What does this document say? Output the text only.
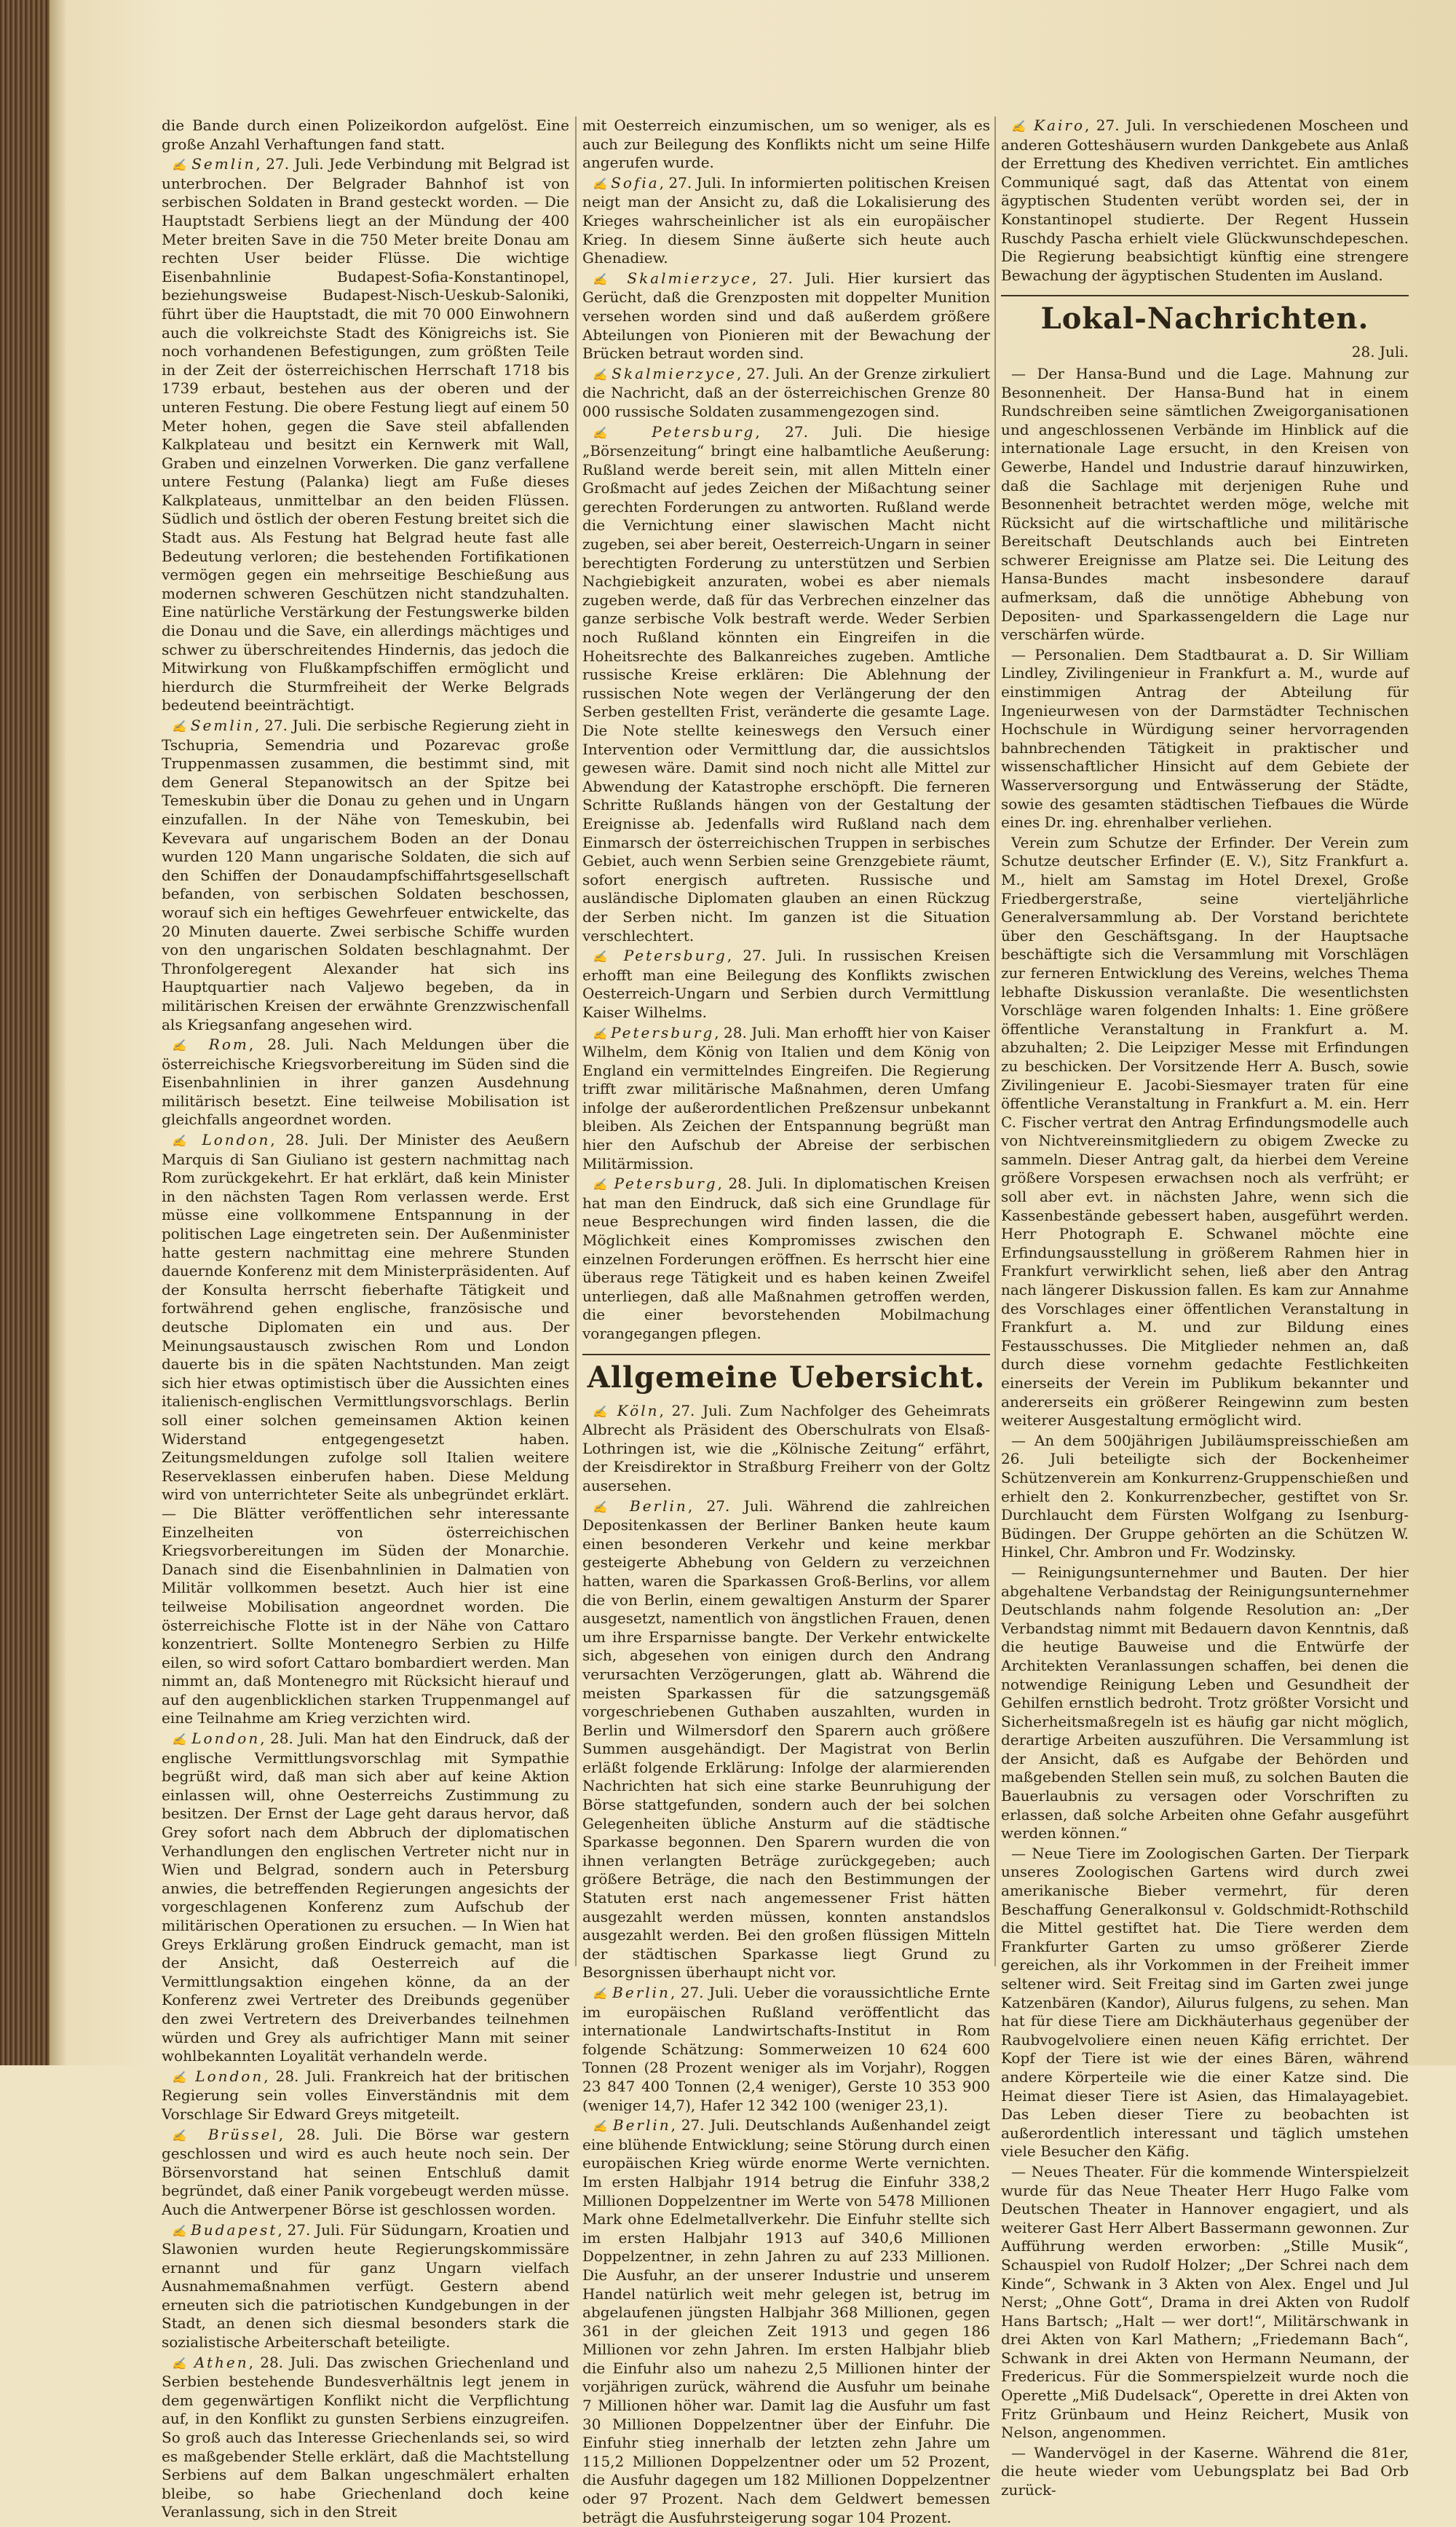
die Bande durch einen Polizeikordon aufgelöst. Eine große Anzahl Verhaftungen fand statt.

✍ Semlin, 27. Juli. Jede Verbindung mit Belgrad ist unterbrochen. Der Belgrader Bahnhof ist von serbischen Soldaten in Brand gesteckt worden. — Die Hauptstadt Serbiens liegt an der Mündung der 400 Meter breiten Save in die 750 Meter breite Donau am rechten User beider Flüsse. Die wichtige Eisenbahnlinie Budapest-Sofia-Konstantinopel, beziehungsweise Budapest-Nisch-Ueskub-Saloniki, führt über die Hauptstadt, die mit 70 000 Einwohnern auch die volkreichste Stadt des Königreichs ist. Sie noch vorhandenen Befestigungen, zum größten Teile in der Zeit der österreichischen Herrschaft 1718 bis 1739 erbaut, bestehen aus der oberen und der unteren Festung. Die obere Festung liegt auf einem 50 Meter hohen, gegen die Save steil abfallenden Kalkplateau und besitzt ein Kernwerk mit Wall, Graben und einzelnen Vorwerken. Die ganz verfallene untere Festung (Palanka) liegt am Fuße dieses Kalkplateaus, unmittelbar an den beiden Flüssen. Südlich und östlich der oberen Festung breitet sich die Stadt aus. Als Festung hat Belgrad heute fast alle Bedeutung verloren; die bestehenden Fortifikationen vermögen gegen ein mehrseitige Beschießung aus modernen schweren Geschützen nicht standzuhalten. Eine natürliche Verstärkung der Festungswerke bilden die Donau und die Save, ein allerdings mächtiges und schwer zu überschreitendes Hindernis, das jedoch die Mitwirkung von Flußkampfschiffen ermöglicht und hierdurch die Sturmfreiheit der Werke Belgrads bedeutend beeinträchtigt.

✍ Semlin, 27. Juli. Die serbische Regierung zieht in Tschupria, Semendria und Pozarevac große Truppenmassen zusammen, die bestimmt sind, mit dem General Stepanowitsch an der Spitze bei Temeskubin über die Donau zu gehen und in Ungarn einzufallen. In der Nähe von Temeskubin, bei Kevevara auf ungarischem Boden an der Donau wurden 120 Mann ungarische Soldaten, die sich auf den Schiffen der Donaudampfschiffahrtsgesellschaft befanden, von serbischen Soldaten beschossen, worauf sich ein heftiges Gewehrfeuer entwickelte, das 20 Minuten dauerte. Zwei serbische Schiffe wurden von den ungarischen Soldaten beschlagnahmt. Der Thronfolgeregent Alexander hat sich ins Hauptquartier nach Valjewo begeben, da in militärischen Kreisen der erwähnte Grenzzwischenfall als Kriegsanfang angesehen wird.

✍ Rom, 28. Juli. Nach Meldungen über die österreichische Kriegsvorbereitung im Süden sind die Eisenbahnlinien in ihrer ganzen Ausdehnung militärisch besetzt. Eine teilweise Mobilisation ist gleichfalls angeordnet worden.

✍ London, 28. Juli. Der Minister des Aeußern Marquis di San Giuliano ist gestern nachmittag nach Rom zurückgekehrt. Er hat erklärt, daß kein Minister in den nächsten Tagen Rom verlassen werde. Erst müsse eine vollkommene Entspannung in der politischen Lage eingetreten sein. Der Außenminister hatte gestern nachmittag eine mehrere Stunden dauernde Konferenz mit dem Ministerpräsidenten. Auf der Konsulta herrscht fieberhafte Tätigkeit und fortwährend gehen englische, französische und deutsche Diplomaten ein und aus. Der Meinungsaustausch zwischen Rom und London dauerte bis in die späten Nachtstunden. Man zeigt sich hier etwas optimistisch über die Aussichten eines italienisch-englischen Vermittlungsvorschlags. Berlin soll einer solchen gemeinsamen Aktion keinen Widerstand entgegengesetzt haben. Zeitungsmeldungen zufolge soll Italien weitere Reserveklassen einberufen haben. Diese Meldung wird von unterrichteter Seite als unbegründet erklärt. — Die Blätter veröffentlichen sehr interessante Einzelheiten von österreichischen Kriegsvorbereitungen im Süden der Monarchie. Danach sind die Eisenbahnlinien in Dalmatien von Militär vollkommen besetzt. Auch hier ist eine teilweise Mobilisation angeordnet worden. Die österreichische Flotte ist in der Nähe von Cattaro konzentriert. Sollte Montenegro Serbien zu Hilfe eilen, so wird sofort Cattaro bombardiert werden. Man nimmt an, daß Montenegro mit Rücksicht hierauf und auf den augenblicklichen starken Truppenmangel auf eine Teilnahme am Krieg verzichten wird.

✍ London, 28. Juli. Man hat den Eindruck, daß der englische Vermittlungsvorschlag mit Sympathie begrüßt wird, daß man sich aber auf keine Aktion einlassen will, ohne Oesterreichs Zustimmung zu besitzen. Der Ernst der Lage geht daraus hervor, daß Grey sofort nach dem Abbruch der diplomatischen Verhandlungen den englischen Vertreter nicht nur in Wien und Belgrad, sondern auch in Petersburg anwies, die betreffenden Regierungen angesichts der vorgeschlagenen Konferenz zum Aufschub der militärischen Operationen zu ersuchen. — In Wien hat Greys Erklärung großen Eindruck gemacht, man ist der Ansicht, daß Oesterreich auf die Vermittlungsaktion eingehen könne, da an der Konferenz zwei Vertreter des Dreibunds gegenüber den zwei Vertretern des Dreiverbandes teilnehmen würden und Grey als aufrichtiger Mann mit seiner wohlbekannten Loyalität verhandeln werde.

✍ London, 28. Juli. Frankreich hat der britischen Regierung sein volles Einverständnis mit dem Vorschlage Sir Edward Greys mitgeteilt.

✍ Brüssel, 28. Juli. Die Börse war gestern geschlossen und wird es auch heute noch sein. Der Börsenvorstand hat seinen Entschluß damit begründet, daß einer Panik vorgebeugt werden müsse. Auch die Antwerpener Börse ist geschlossen worden.

✍ Budapest, 27. Juli. Für Südungarn, Kroatien und Slawonien wurden heute Regierungskommissäre ernannt und für ganz Ungarn vielfach Ausnahmemaßnahmen verfügt. Gestern abend erneuten sich die patriotischen Kundgebungen in der Stadt, an denen sich diesmal besonders stark die sozialistische Arbeiterschaft beteiligte.

✍ Athen, 28. Juli. Das zwischen Griechenland und Serbien bestehende Bundesverhältnis legt jenem in dem gegenwärtigen Konflikt nicht die Verpflichtung auf, in den Konflikt zu gunsten Serbiens einzugreifen. So groß auch das Interesse Griechenlands sei, so wird es maßgebender Stelle erklärt, daß die Machtstellung Serbiens auf dem Balkan ungeschmälert erhalten bleibe, so habe Griechenland doch keine Veranlassung, sich in den Streit

mit Oesterreich einzumischen, um so weniger, als es auch zur Beilegung des Konflikts nicht um seine Hilfe angerufen wurde.

✍ Sofia, 27. Juli. In informierten politischen Kreisen neigt man der Ansicht zu, daß die Lokalisierung des Krieges wahrscheinlicher ist als ein europäischer Krieg. In diesem Sinne äußerte sich heute auch Ghenadiew.

✍ Skalmierzyce, 27. Juli. Hier kursiert das Gerücht, daß die Grenzposten mit doppelter Munition versehen worden sind und daß außerdem größere Abteilungen von Pionieren mit der Bewachung der Brücken betraut worden sind.

✍ Skalmierzyce, 27. Juli. An der Grenze zirkuliert die Nachricht, daß an der österreichischen Grenze 80 000 russische Soldaten zusammengezogen sind.

✍ Petersburg, 27. Juli. Die hiesige „Börsenzeitung“ bringt eine halbamtliche Aeußerung: Rußland werde bereit sein, mit allen Mitteln einer Großmacht auf jedes Zeichen der Mißachtung seiner gerechten Forderungen zu antworten. Rußland werde die Vernichtung einer slawischen Macht nicht zugeben, sei aber bereit, Oesterreich-Ungarn in seiner berechtigten Forderung zu unterstützen und Serbien Nachgiebigkeit anzuraten, wobei es aber niemals zugeben werde, daß für das Verbrechen einzelner das ganze serbische Volk bestraft werde. Weder Serbien noch Rußland könnten ein Eingreifen in die Hoheitsrechte des Balkanreiches zugeben. Amtliche russische Kreise erklären: Die Ablehnung der russischen Note wegen der Verlängerung der den Serben gestellten Frist, veränderte die gesamte Lage. Die Note stellte keineswegs den Versuch einer Intervention oder Vermittlung dar, die aussichtslos gewesen wäre. Damit sind noch nicht alle Mittel zur Abwendung der Katastrophe erschöpft. Die ferneren Schritte Rußlands hängen von der Gestaltung der Ereignisse ab. Jedenfalls wird Rußland nach dem Einmarsch der österreichischen Truppen in serbisches Gebiet, auch wenn Serbien seine Grenzgebiete räumt, sofort energisch auftreten. Russische und ausländische Diplomaten glauben an einen Rückzug der Serben nicht. Im ganzen ist die Situation verschlechtert.

✍ Petersburg, 27. Juli. In russischen Kreisen erhofft man eine Beilegung des Konflikts zwischen Oesterreich-Ungarn und Serbien durch Vermittlung Kaiser Wilhelms.

✍ Petersburg, 28. Juli. Man erhofft hier von Kaiser Wilhelm, dem König von Italien und dem König von England ein vermittelndes Eingreifen. Die Regierung trifft zwar militärische Maßnahmen, deren Umfang infolge der außerordentlichen Preßzensur unbekannt bleiben. Als Zeichen der Entspannung begrüßt man hier den Aufschub der Abreise der serbischen Militärmission.

✍ Petersburg, 28. Juli. In diplomatischen Kreisen hat man den Eindruck, daß sich eine Grundlage für neue Besprechungen wird finden lassen, die die Möglichkeit eines Kompromisses zwischen den einzelnen Forderungen eröffnen. Es herrscht hier eine überaus rege Tätigkeit und es haben keinen Zweifel unterliegen, daß alle Maßnahmen getroffen werden, die einer bevorstehenden Mobilmachung vorangegangen pflegen.

Allgemeine Uebersicht.

✍ Köln, 27. Juli. Zum Nachfolger des Geheimrats Albrecht als Präsident des Oberschulrats von Elsaß-Lothringen ist, wie die „Kölnische Zeitung“ erfährt, der Kreisdirektor in Straßburg Freiherr von der Goltz ausersehen.

✍ Berlin, 27. Juli. Während die zahlreichen Depositenkassen der Berliner Banken heute kaum einen besonderen Verkehr und keine merkbar gesteigerte Abhebung von Geldern zu verzeichnen hatten, waren die Sparkassen Groß-Berlins, vor allem die von Berlin, einem gewaltigen Ansturm der Sparer ausgesetzt, namentlich von ängstlichen Frauen, denen um ihre Ersparnisse bangte. Der Verkehr entwickelte sich, abgesehen von einigen durch den Andrang verursachten Verzögerungen, glatt ab. Während die meisten Sparkassen für die satzungsgemäß vorgeschriebenen Guthaben auszahlten, wurden in Berlin und Wilmersdorf den Sparern auch größere Summen ausgehändigt. Der Magistrat von Berlin erläßt folgende Erklärung: Infolge der alarmierenden Nachrichten hat sich eine starke Beunruhigung der Börse stattgefunden, sondern auch der bei solchen Gelegenheiten übliche Ansturm auf die städtische Sparkasse begonnen. Den Sparern wurden die von ihnen verlangten Beträge zurückgegeben; auch größere Beträge, die nach den Bestimmungen der Statuten erst nach angemessener Frist hätten ausgezahlt werden müssen, konnten anstandslos ausgezahlt werden. Bei den großen flüssigen Mitteln der städtischen Sparkasse liegt Grund zu Besorgnissen überhaupt nicht vor.

✍ Berlin, 27. Juli. Ueber die voraussichtliche Ernte im europäischen Rußland veröffentlicht das internationale Landwirtschafts-Institut in Rom folgende Schätzung: Sommerweizen 10 624 600 Tonnen (28 Prozent weniger als im Vorjahr), Roggen 23 847 400 Tonnen (2,4 weniger), Gerste 10 353 900 (weniger 14,7), Hafer 12 342 100 (weniger 23,1).

✍ Berlin, 27. Juli. Deutschlands Außenhandel zeigt eine blühende Entwicklung; seine Störung durch einen europäischen Krieg würde enorme Werte vernichten. Im ersten Halbjahr 1914 betrug die Einfuhr 338,2 Millionen Doppelzentner im Werte von 5478 Millionen Mark ohne Edelmetallverkehr. Die Einfuhr stellte sich im ersten Halbjahr 1913 auf 340,6 Millionen Doppelzentner, in zehn Jahren zu auf 233 Millionen. Die Ausfuhr, an der unserer Industrie und unserem Handel natürlich weit mehr gelegen ist, betrug im abgelaufenen jüngsten Halbjahr 368 Millionen, gegen 361 in der gleichen Zeit 1913 und gegen 186 Millionen vor zehn Jahren. Im ersten Halbjahr blieb die Einfuhr also um nahezu 2,5 Millionen hinter der vorjährigen zurück, während die Ausfuhr um beinahe 7 Millionen höher war. Damit lag die Ausfuhr um fast 30 Millionen Doppelzentner über der Einfuhr. Die Einfuhr stieg innerhalb der letzten zehn Jahre um 115,2 Millionen Doppelzentner oder um 52 Prozent, die Ausfuhr dagegen um 182 Millionen Doppelzentner oder 97 Prozent. Nach dem Geldwert bemessen beträgt die Ausfuhrsteigerung sogar 104 Prozent.

✍ Kairo, 27. Juli. In verschiedenen Moscheen und anderen Gotteshäusern wurden Dankgebete aus Anlaß der Errettung des Khediven verrichtet. Ein amtliches Communiqué sagt, daß das Attentat von einem ägyptischen Studenten verübt worden sei, der in Konstantinopel studierte. Der Regent Hussein Ruschdy Pascha erhielt viele Glückwunschdepeschen. Die Regierung beabsichtigt künftig eine strengere Bewachung der ägyptischen Studenten im Ausland.

Lokal-Nachrichten.
28. Juli.

— Der Hansa-Bund und die Lage. Mahnung zur Besonnenheit. Der Hansa-Bund hat in einem Rundschreiben seine sämtlichen Zweigorganisationen und angeschlossenen Verbände im Hinblick auf die internationale Lage ersucht, in den Kreisen von Gewerbe, Handel und Industrie darauf hinzuwirken, daß die Sachlage mit derjenigen Ruhe und Besonnenheit betrachtet werden möge, welche mit Rücksicht auf die wirtschaftliche und militärische Bereitschaft Deutschlands auch bei Eintreten schwerer Ereignisse am Platze sei. Die Leitung des Hansa-Bundes macht insbesondere darauf aufmerksam, daß die unnötige Abhebung von Depositen- und Sparkassengeldern die Lage nur verschärfen würde.

— Personalien. Dem Stadtbaurat a. D. Sir William Lindley, Zivilingenieur in Frankfurt a. M., wurde auf einstimmigen Antrag der Abteilung für Ingenieurwesen von der Darmstädter Technischen Hochschule in Würdigung seiner hervorragenden bahnbrechenden Tätigkeit in praktischer und wissenschaftlicher Hinsicht auf dem Gebiete der Wasserversorgung und Entwässerung der Städte, sowie des gesamten städtischen Tiefbaues die Würde eines Dr. ing. ehrenhalber verliehen.

Verein zum Schutze der Erfinder. Der Verein zum Schutze deutscher Erfinder (E. V.), Sitz Frankfurt a. M., hielt am Samstag im Hotel Drexel, Große Friedbergerstraße, seine vierteljährliche Generalversammlung ab. Der Vorstand berichtete über den Geschäftsgang. In der Hauptsache beschäftigte sich die Versammlung mit Vorschlägen zur ferneren Entwicklung des Vereins, welches Thema lebhafte Diskussion veranlaßte. Die wesentlichsten Vorschläge waren folgenden Inhalts: 1. Eine größere öffentliche Veranstaltung in Frankfurt a. M. abzuhalten; 2. Die Leipziger Messe mit Erfindungen zu beschicken. Der Vorsitzende Herr A. Busch, sowie Zivilingenieur E. Jacobi-Siesmayer traten für eine öffentliche Veranstaltung in Frankfurt a. M. ein. Herr C. Fischer vertrat den Antrag Erfindungsmodelle auch von Nichtvereinsmitgliedern zu obigem Zwecke zu sammeln. Dieser Antrag galt, da hierbei dem Vereine größere Vorspesen erwachsen noch als verfrüht; er soll aber evt. in nächsten Jahre, wenn sich die Kassenbestände gebessert haben, ausgeführt werden. Herr Photograph E. Schwanel möchte eine Erfindungsausstellung in größerem Rahmen hier in Frankfurt verwirklicht sehen, ließ aber den Antrag nach längerer Diskussion fallen. Es kam zur Annahme des Vorschlages einer öffentlichen Veranstaltung in Frankfurt a. M. und zur Bildung eines Festausschusses. Die Mitglieder nehmen an, daß durch diese vornehm gedachte Festlichkeiten einerseits der Verein im Publikum bekannter und andererseits ein größerer Reingewinn zum besten weiterer Ausgestaltung ermöglicht wird.

— An dem 500jährigen Jubiläumspreisschießen am 26. Juli beteiligte sich der Bockenheimer Schützenverein am Konkurrenz-Gruppenschießen und erhielt den 2. Konkurrenzbecher, gestiftet von Sr. Durchlaucht dem Fürsten Wolfgang zu Isenburg-Büdingen. Der Gruppe gehörten an die Schützen W. Hinkel, Chr. Ambron und Fr. Wodzinsky.

— Reinigungsunternehmer und Bauten. Der hier abgehaltene Verbandstag der Reinigungsunternehmer Deutschlands nahm folgende Resolution an: „Der Verbandstag nimmt mit Bedauern davon Kenntnis, daß die heutige Bauweise und die Entwürfe der Architekten Veranlassungen schaffen, bei denen die notwendige Reinigung Leben und Gesundheit der Gehilfen ernstlich bedroht. Trotz größter Vorsicht und Sicherheitsmaßregeln ist es häufig gar nicht möglich, derartige Arbeiten auszuführen. Die Versammlung ist der Ansicht, daß es Aufgabe der Behörden und maßgebenden Stellen sein muß, zu solchen Bauten die Bauerlaubnis zu versagen oder Vorschriften zu erlassen, daß solche Arbeiten ohne Gefahr ausgeführt werden können.“

— Neue Tiere im Zoologischen Garten. Der Tierpark unseres Zoologischen Gartens wird durch zwei amerikanische Bieber vermehrt, für deren Beschaffung Generalkonsul v. Goldschmidt-Rothschild die Mittel gestiftet hat. Die Tiere werden dem Frankfurter Garten zu umso größerer Zierde gereichen, als ihr Vorkommen in der Freiheit immer seltener wird. Seit Freitag sind im Garten zwei junge Katzenbären (Kandor), Ailurus fulgens, zu sehen. Man hat für diese Tiere am Dickhäuterhaus gegenüber der Raubvogelvoliere einen neuen Käfig errichtet. Der Kopf der Tiere ist wie der eines Bären, während andere Körperteile wie die einer Katze sind. Die Heimat dieser Tiere ist Asien, das Himalayagebiet. Das Leben dieser Tiere zu beobachten ist außerordentlich interessant und täglich umstehen viele Besucher den Käfig.

— Neues Theater. Für die kommende Winterspielzeit wurde für das Neue Theater Herr Hugo Falke vom Deutschen Theater in Hannover engagiert, und als weiterer Gast Herr Albert Bassermann gewonnen. Zur Aufführung werden erworben: „Stille Musik“, Schauspiel von Rudolf Holzer; „Der Schrei nach dem Kinde“, Schwank in 3 Akten von Alex. Engel und Jul Nerst; „Ohne Gott“, Drama in drei Akten von Rudolf Hans Bartsch; „Halt — wer dort!“, Militärschwank in drei Akten von Karl Mathern; „Friedemann Bach“, Schwank in drei Akten von Hermann Neumann, der Fredericus. Für die Sommerspielzeit wurde noch die Operette „Miß Dudelsack“, Operette in drei Akten von Fritz Grünbaum und Heinz Reichert, Musik von Nelson, angenommen.

— Wandervögel in der Kaserne. Während die 81er, die heute wieder vom Uebungsplatz bei Bad Orb zurück-
